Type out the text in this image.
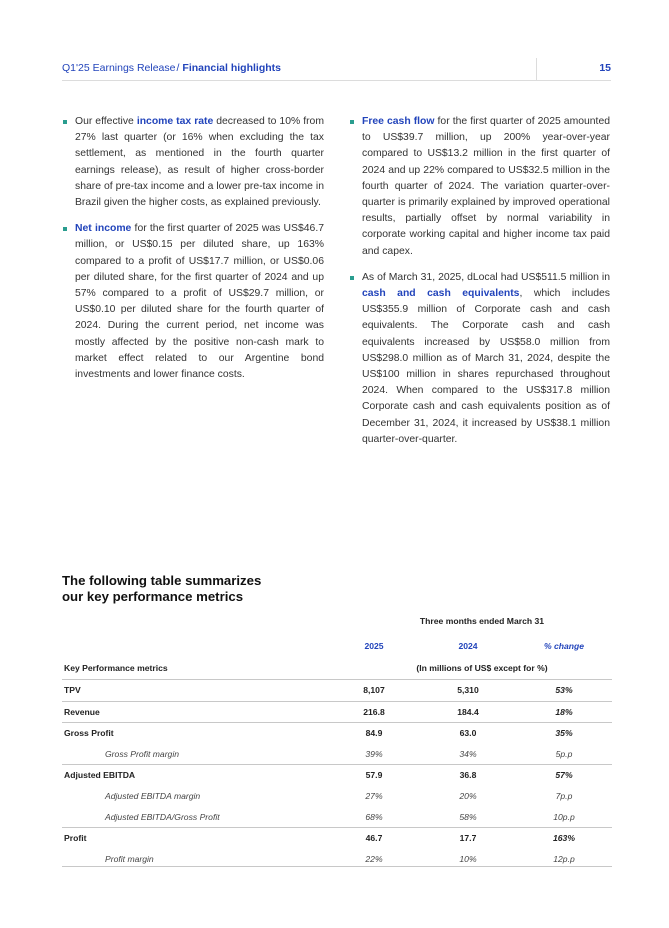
Q1'25 Earnings Release/ Financial highlights	15
Our effective income tax rate decreased to 10% from 27% last quarter (or 16% when excluding the tax settlement, as mentioned in the fourth quarter earnings release), as result of higher cross-border share of pre-tax income and a lower pre-tax income in Brazil given the higher costs, as explained previously.
Net income for the first quarter of 2025 was US$46.7 million, or US$0.15 per diluted share, up 163% compared to a profit of US$17.7 million, or US$0.06 per diluted share, for the first quarter of 2024 and up 57% compared to a profit of US$29.7 million, or US$0.10 per diluted share for the fourth quarter of 2024. During the current period, net income was mostly affected by the positive non-cash mark to market effect related to our Argentine bond investments and lower finance costs.
Free cash flow for the first quarter of 2025 amounted to US$39.7 million, up 200% year-over-year compared to US$13.2 million in the first quarter of 2024 and up 22% compared to US$32.5 million in the fourth quarter of 2024. The variation quarter-over-quarter is primarily explained by improved operational results, partially offset by normal variability in corporate working capital and higher income tax paid and capex.
As of March 31, 2025, dLocal had US$511.5 million in cash and cash equivalents, which includes US$355.9 million of Corporate cash and cash equivalents. The Corporate cash and cash equivalents increased by US$58.0 million from US$298.0 million as of March 31, 2024, despite the US$100 million in shares repurchased throughout 2024. When compared to the US$317.8 million Corporate cash and cash equivalents position as of December 31, 2024, it increased by US$38.1 million quarter-over-quarter.
The following table summarizes
our key performance metrics
Three months ended March 31
2025	2024	% change
Key Performance metrics	(In millions of US$ except for %)
TPV	8,107	5,310	53%
Revenue	216.8	184.4	18%
Gross Profit	84.9	63.0	35%
Gross Profit margin	39%	34%	5p.p
Adjusted EBITDA	57.9	36.8	57%
Adjusted EBITDA margin	27%	20%	7p.p
Adjusted EBITDA/Gross Profit	68%	58%	10p.p
Profit	46.7	17.7	163%
Profit margin	22%	10%	12p.p
